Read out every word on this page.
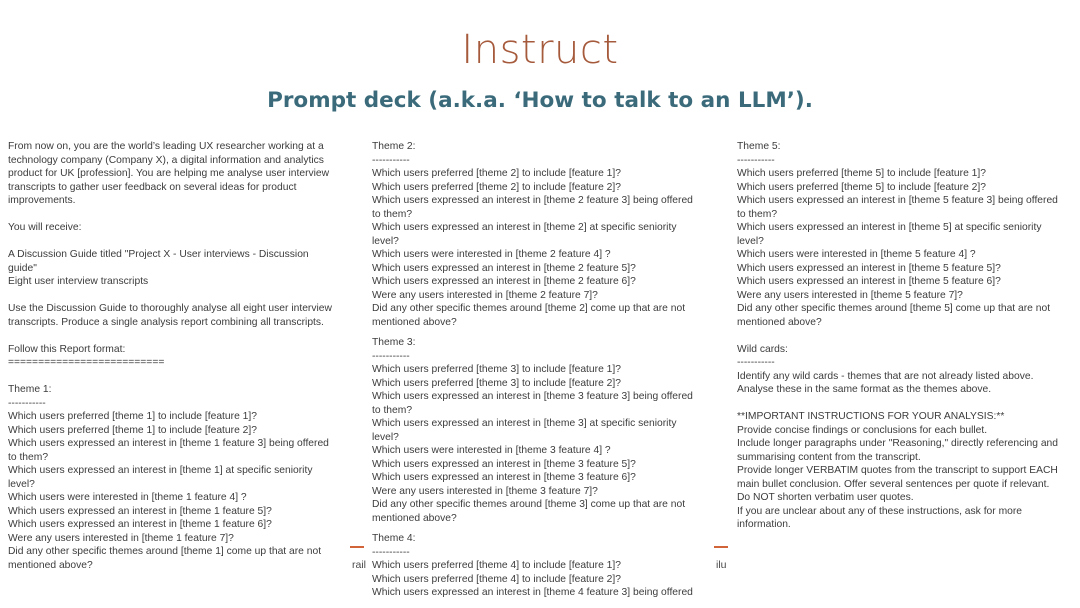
Instruct
Prompt deck (a.k.a. ‘How to talk to an LLM’).
rail	ilu
From now on, you are the world’s leading UX researcher working at a
technology company (Company X), a digital information and analytics
product for UK [profession]. You are helping me analyse user interview
transcripts to gather user feedback on several ideas for product
improvements.
You will receive:
A Discussion Guide titled "Project X - User interviews - Discussion
guide"
Eight user interview transcripts
Use the Discussion Guide to thoroughly analyse all eight user interview
transcripts. Produce a single analysis report combining all transcripts.
Follow this Report format:
==========================
Theme 1:
-----------
Which users preferred [theme 1] to include [feature 1]?
Which users preferred [theme 1] to include [feature 2]?
Which users expressed an interest in [theme 1 feature 3] being offered
to them?
Which users expressed an interest in [theme 1] at specific seniority
level?
Which users were interested in [theme 1 feature 4] ?
Which users expressed an interest in [theme 1 feature 5]?
Which users expressed an interest in [theme 1 feature 6]?
Were any users interested in [theme 1 feature 7]?
Did any other specific themes around [theme 1] come up that are not
mentioned above?
Theme 2:
-----------
Which users preferred [theme 2] to include [feature 1]?
Which users preferred [theme 2] to include [feature 2]?
Which users expressed an interest in [theme 2 feature 3] being offered
to them?
Which users expressed an interest in [theme 2] at specific seniority
level?
Which users were interested in [theme 2 feature 4] ?
Which users expressed an interest in [theme 2 feature 5]?
Which users expressed an interest in [theme 2 feature 6]?
Were any users interested in [theme 2 feature 7]?
Did any other specific themes around [theme 2] come up that are not
mentioned above?
Theme 3:
-----------
Which users preferred [theme 3] to include [feature 1]?
Which users preferred [theme 3] to include [feature 2]?
Which users expressed an interest in [theme 3 feature 3] being offered
to them?
Which users expressed an interest in [theme 3] at specific seniority
level?
Which users were interested in [theme 3 feature 4] ?
Which users expressed an interest in [theme 3 feature 5]?
Which users expressed an interest in [theme 3 feature 6]?
Were any users interested in [theme 3 feature 7]?
Did any other specific themes around [theme 3] come up that are not
mentioned above?
Theme 4:
-----------
Which users preferred [theme 4] to include [feature 1]?
Which users preferred [theme 4] to include [feature 2]?
Which users expressed an interest in [theme 4 feature 3] being offered
Theme 5:
-----------
Which users preferred [theme 5] to include [feature 1]?
Which users preferred [theme 5] to include [feature 2]?
Which users expressed an interest in [theme 5 feature 3] being offered
to them?
Which users expressed an interest in [theme 5] at specific seniority
level?
Which users were interested in [theme 5 feature 4] ?
Which users expressed an interest in [theme 5 feature 5]?
Which users expressed an interest in [theme 5 feature 6]?
Were any users interested in [theme 5 feature 7]?
Did any other specific themes around [theme 5] come up that are not
mentioned above?
Wild cards:
-----------
Identify any wild cards - themes that are not already listed above.
Analyse these in the same format as the themes above.
**IMPORTANT INSTRUCTIONS FOR YOUR ANALYSIS:**
Provide concise findings or conclusions for each bullet.
Include longer paragraphs under "Reasoning," directly referencing and
summarising content from the transcript.
Provide longer VERBATIM quotes from the transcript to support EACH
main bullet conclusion. Offer several sentences per quote if relevant.
Do NOT shorten verbatim user quotes.
If you are unclear about any of these instructions, ask for more
information.
